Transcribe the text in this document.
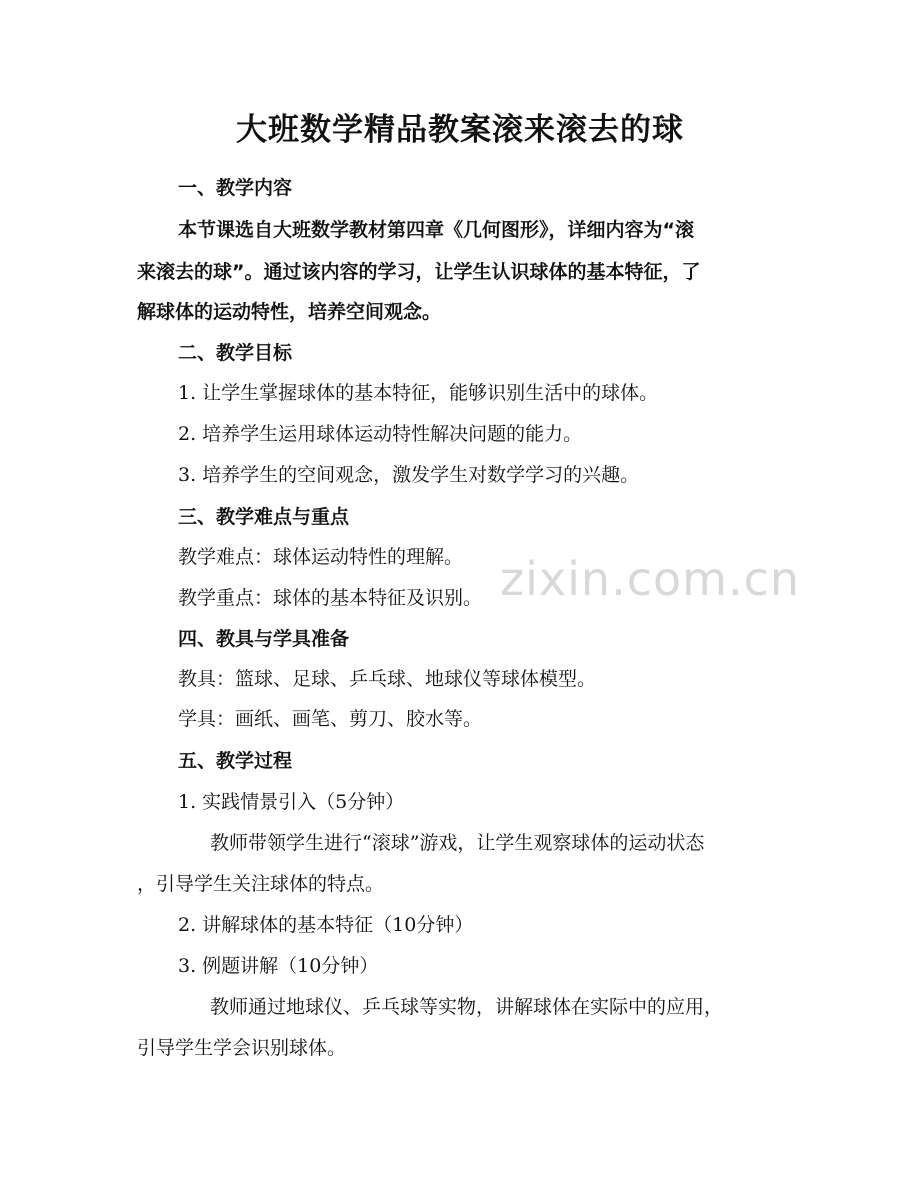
zixin.com.cn
大班数学精品教案滚来滚去的球
一、教学内容
本节课选自大班数学教材第四章《几何图形》，详细内容为“滚
来滚去的球”。通过该内容的学习，让学生认识球体的基本特征，了
解球体的运动特性，培养空间观念。
二、教学目标
1. 让学生掌握球体的基本特征，能够识别生活中的球体。
2. 培养学生运用球体运动特性解决问题的能力。
3. 培养学生的空间观念，激发学生对数学学习的兴趣。
三、教学难点与重点
教学难点：球体运动特性的理解。
教学重点：球体的基本特征及识别。
四、教具与学具准备
教具：篮球、足球、乒乓球、地球仪等球体模型。
学具：画纸、画笔、剪刀、胶水等。
五、教学过程
1. 实践情景引入（5分钟）
教师带领学生进行“滚球”游戏，让学生观察球体的运动状态
，引导学生关注球体的特点。
2. 讲解球体的基本特征（10分钟）
3. 例题讲解（10分钟）
教师通过地球仪、乒乓球等实物，讲解球体在实际中的应用，
引导学生学会识别球体。
